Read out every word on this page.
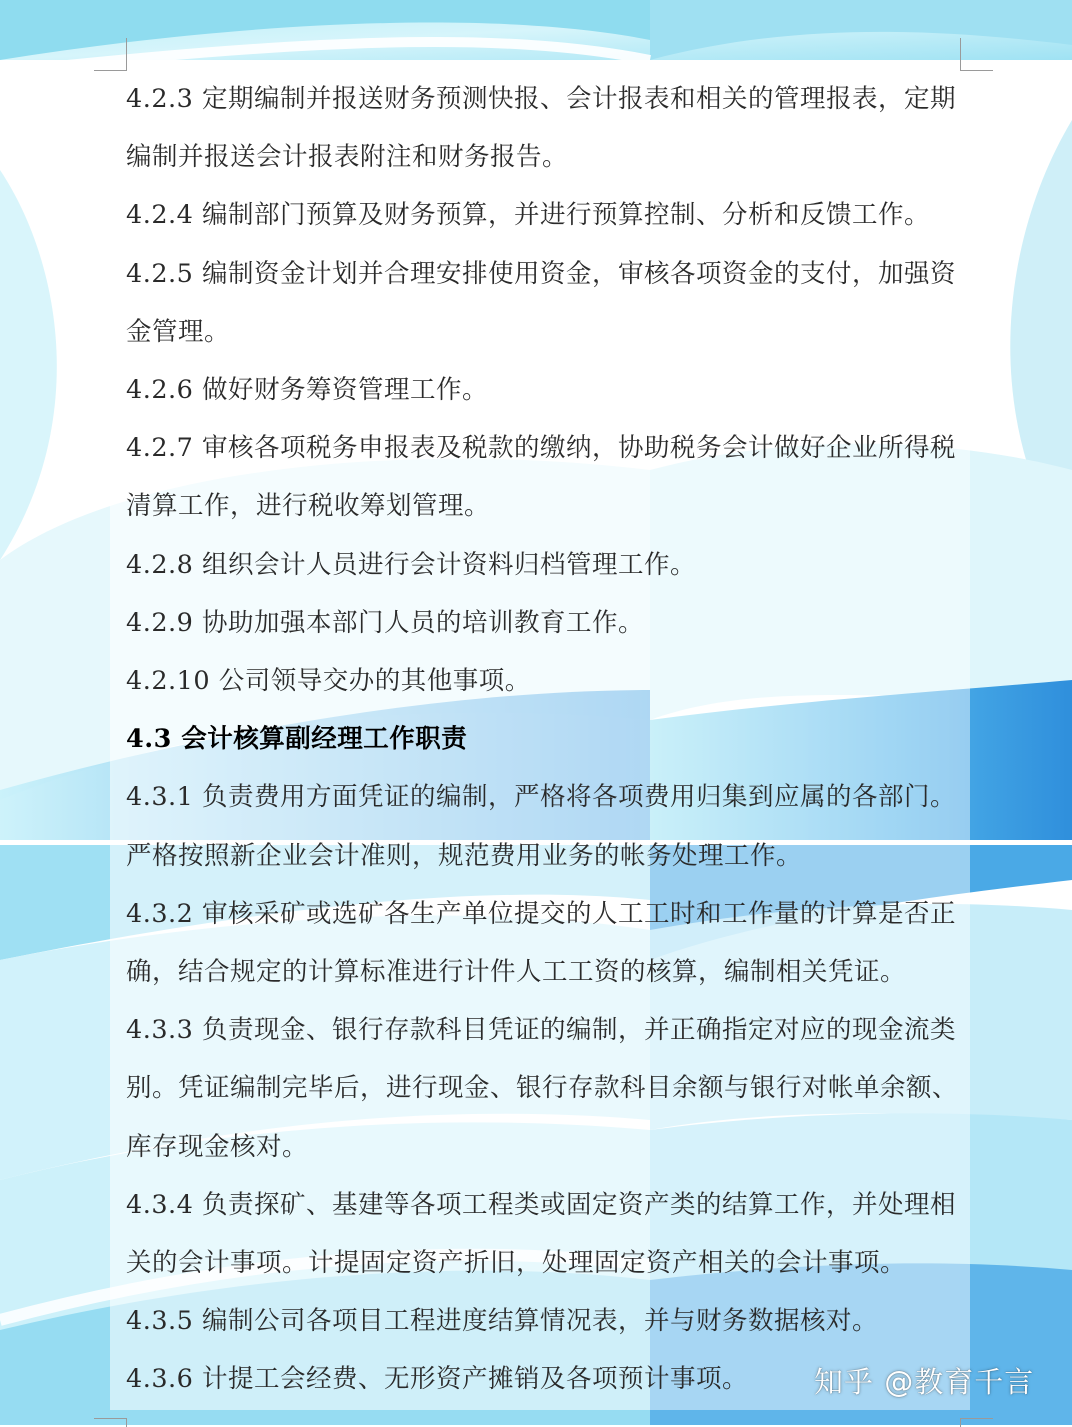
4.2.3 定期编制并报送财务预测快报、会计报表和相关的管理报表，定期编制并报送会计报表附注和财务报告。

4.2.4 编制部门预算及财务预算，并进行预算控制、分析和反馈工作。

4.2.5 编制资金计划并合理安排使用资金，审核各项资金的支付，加强资金管理。

4.2.6 做好财务筹资管理工作。

4.2.7 审核各项税务申报表及税款的缴纳，协助税务会计做好企业所得税清算工作，进行税收筹划管理。

4.2.8 组织会计人员进行会计资料归档管理工作。

4.2.9 协助加强本部门人员的培训教育工作。

4.2.10 公司领导交办的其他事项。

4.3 会计核算副经理工作职责

4.3.1 负责费用方面凭证的编制，严格将各项费用归集到应属的各部门。严格按照新企业会计准则，规范费用业务的帐务处理工作。

4.3.2 审核采矿或选矿各生产单位提交的人工工时和工作量的计算是否正确，结合规定的计算标准进行计件人工工资的核算，编制相关凭证。

4.3.3 负责现金、银行存款科目凭证的编制，并正确指定对应的现金流类别。凭证编制完毕后，进行现金、银行存款科目余额与银行对帐单余额、库存现金核对。

4.3.4 负责探矿、基建等各项工程类或固定资产类的结算工作，并处理相关的会计事项。计提固定资产折旧，处理固定资产相关的会计事项。

4.3.5 编制公司各项目工程进度结算情况表，并与财务数据核对。

4.3.6 计提工会经费、无形资产摊销及各项预计事项。	知乎 @教育千言
